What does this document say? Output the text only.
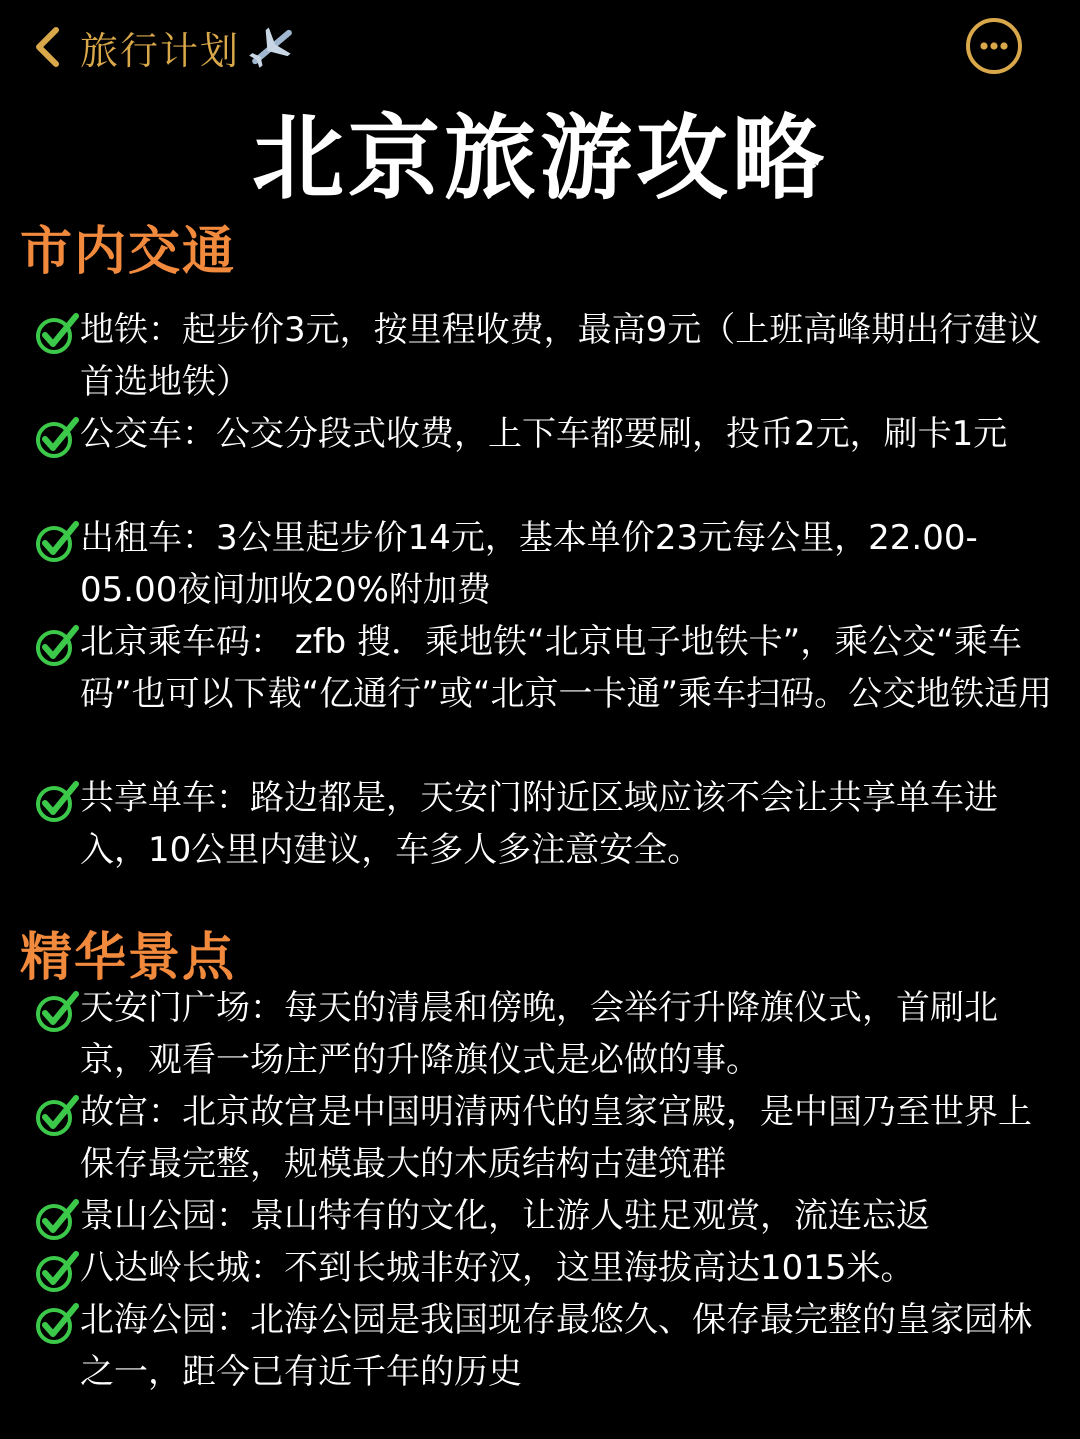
旅行计划
北京旅游攻略
市内交通
地铁：起步价3元，按里程收费，最高9元（上班高峰期出行建议首选地铁）
公交车：公交分段式收费，上下车都要刷，投币2元，刷卡1元
出租车：3公里起步价14元，基本单价23元每公里，22.00-05.00夜间加收20%附加费
北京乘车码： zfb 搜．乘地铁“北京电子地铁卡”，乘公交“乘车码”也可以下载“亿通行”或“北京一卡通”乘车扫码。公交地铁适用
共享单车：路边都是，天安门附近区域应该不会让共享单车进入，10公里内建议，车多人多注意安全。
精华景点
天安门广场：每天的清晨和傍晚，会举行升降旗仪式，首刷北京，观看一场庄严的升降旗仪式是必做的事。
故宫：北京故宫是中国明清两代的皇家宫殿，是中国乃至世界上保存最完整，规模最大的木质结构古建筑群
景山公园：景山特有的文化，让游人驻足观赏，流连忘返
八达岭长城：不到长城非好汉，这里海拔高达1015米。
北海公园：北海公园是我国现存最悠久、保存最完整的皇家园林之一，距今已有近千年的历史
